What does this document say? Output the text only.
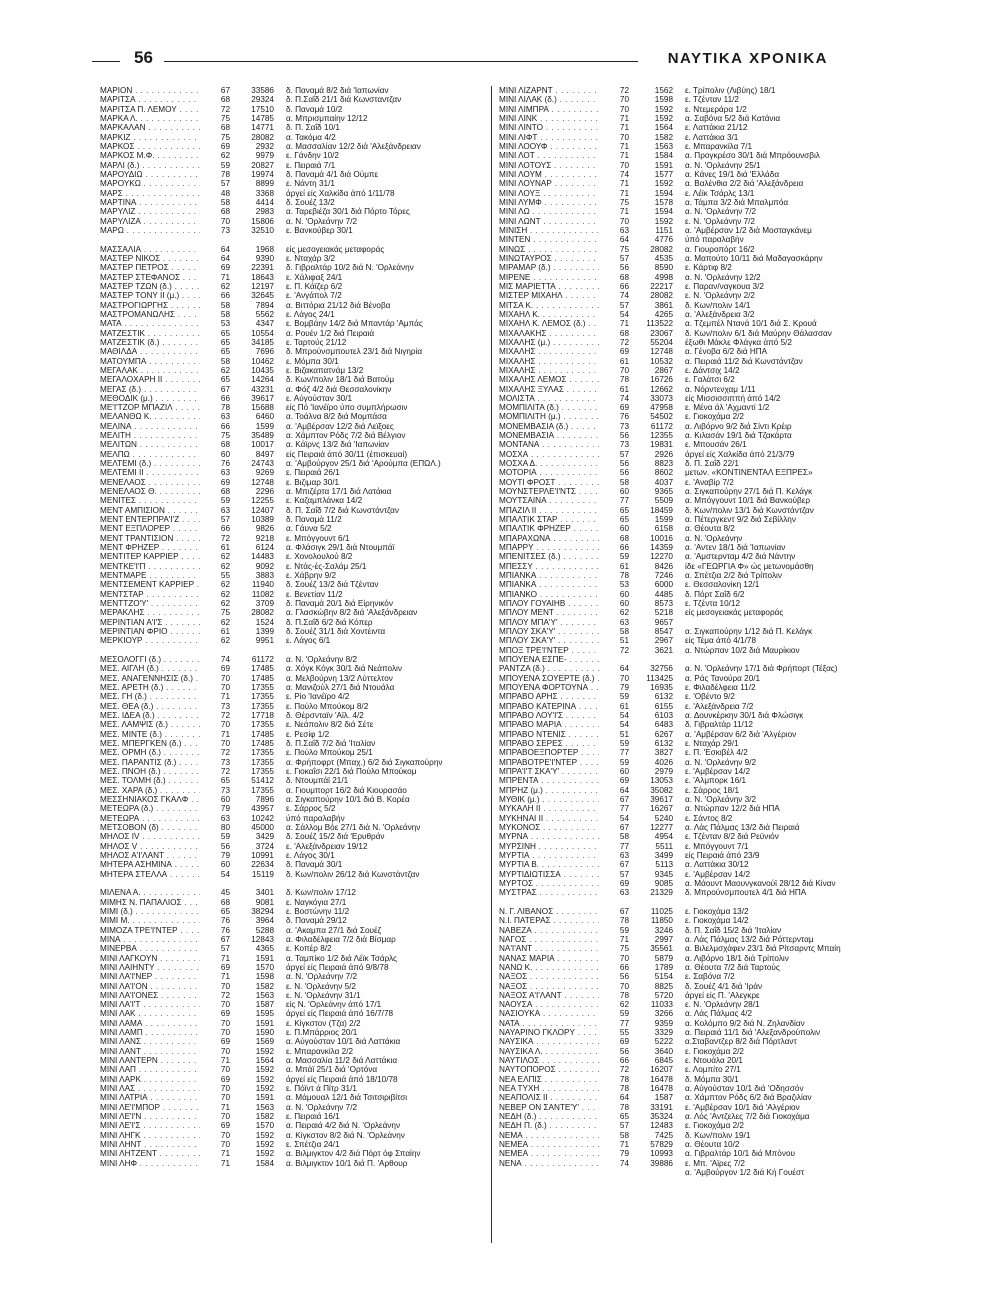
56	ΝΑΥΤΙΚΑ ΧΡΟΝΙΚΑ
ΜΑΡΙΟΝ . . .	67	33586 δ. Παναμά 8/2 διά 'Ιαπωνίαν
ΜΑΡΙΤΣΑ . . .	68	29324 δ. Π.Σαΐδ 21/1 διά Κωνσταντζαν
ΜΑΡΙΤΣΑ Π. ΛΕΜΟΥ . . .	72	17510 δ. Παναμά 10/2
ΜΑΡΚΑ Λ. . . .	75	14785 α. Μπρισμπαίην 12/12
ΜΑΡΚΑΛΑΝ . . .	68	14771 δ. Π. Σαΐδ 10/1
ΜΑΡΚΙΖ . . .	75	28082 α. Τακόμα 4/2
ΜΑΡΚΟΣ . . .	69	2932 α. Μασσαλίαν 12/2 διά 'Αλεξάνδρειαν
ΜΑΡΚΟΣ Μ.Φ. . . .	62	9979 ε. Γάνδην 10/2
ΜΑΡΛΙ (δ.) . . .	59	20827 ε. Πειραιά 7/1
ΜΑΡΟΥΔΙΩ . . .	78	19974 δ. Παναμά 4/1 διά Ούμπε
ΜΑΡΟΥΚΩ . . .	57	8899 ε. Νάντη 31/1
ΜΑΡΣ . . .	48	3368 άργεί είς Χαλκίδα άπό 1/11/78
ΜΑΡΤΙΝΑ . . .	58	4414 δ. Σουέζ 13/2
ΜΑΡΥΛΙΖ . . .	68	2983 α. Ταρεβιέζα 30/1 διά Πόρτο Τόρες
ΜΑΡΥΛΙΖΑ . . .	70	15806 α. Ν. 'Ορλεάνην 7/2
ΜΑΡΩ . . .	73	32510 ε. Βανκούβερ 30/1
ΜΑΣΣΑΛΙΑ . . .	64	1968 είς μεσογειακάς μεταφοράς
ΜΑΣΤΕΡ ΝΙΚΟΣ . . .	64	9390 ε. Νταχάρ 3/2
ΜΑΣΤΕΡ ΠΕΤΡΟΣ . . .	69	22391 δ. Γιβραλτάρ 10/2 διά Ν. 'Ορλεάνην
ΜΑΣΤΕΡ ΣΤΕΦΑΝΟΣ . . .	71	18643 ε. Χάλιφαξ 24/1
ΜΑΣΤΕΡ ΤΖΩΝ (δ.) . . .	62	12197 ε. Π. Κάϊζερ 6/2
ΜΑΣΤΕΡ ΤΟΝΥ ΙΙ (μ.) . . .	66	32645 ε. 'Ανγάπολ 7/2
ΜΑΣΤΡΟΓΙΩΡΓΗΣ . . .	58	7894 α. Βιττόρια 21/12 διά Βένοβα
ΜΑΣΤΡΟΜΑΝΩΛΗΣ . . .	58	5562 ε. Λάγος 24/1
ΜΑΤΑ . . .	53	4347 ε. Βομβάην 14/2 διά Μπαντάρ 'Αμπάς
ΜΑΤΖΕΣΤΙΚ . . .	65	10554 α. Ρουέν 1/2 διά Πειραιά
ΜΑΤΖΕΣΤΙΚ (δ.) . . .	65	34185 ε. Ταρτούς 21/12
ΜΑΘΙΛΔΑ . . .	65	7696 δ. Μπρούνσμπουτελ 23/1 διά Νιγηρία
ΜΑΤΟΥΜΠΑ . . .	58	10462 ε. Μόμπα 30/1
ΜΕΓΑΛΑΚ . . .	62	10435 ε. Βιζακαπατνάμ 13/2
ΜΕΓΑΛΟΧΑΡΗ ΙΙ . . .	65	14264 δ. Κων/πολιν 18/1 διά Βατούμ
ΜΕΓΑΣ (δ.) . . .	67	43231 α. Φόζ 4/2 διά Θεσσαλονίκην
ΜΕΘΟΔΙΚ (μ.) . . .	66	39617 ε. Αύγούσταν 30/1
ΜΕ'Ι'ΤΖΟΡ ΜΠΑΖΙΛ . . .	78	15688 είς Πό 'Ιανέϊρο ύπο συμπλήρωσιν
ΜΕΛΑΝΘΩ Κ. . . .	63	6460 α. Τοάλνα 8/2 διά Μομπάσα
ΜΕΛΙΝΑ . . .	66	1599 α. 'Αμβέρσαν 12/2 διά Λεϊξοες
ΜΕΛΙΤΗ . . .	75	35489 α. Χάμπτον Ρόδς 7/2 διά Βέλγιον
ΜΕΛΙΤΩΝ . . .	68	10017 α. Κάϊρνς 13/2 διά 'Ιαπωνίαν
ΜΕΛΠΩ . . .	60	8497 είς Πειραιά άπό 30/11 (έπισκευαί)
ΜΕΛΤΕΜΙ (δ.) . . .	76	24743 α. 'Αμβούργον 25/1 διά 'Αρούμπα (ΕΠΩΛ.)
ΜΕΛΤΕΜΙ ΙΙ . . .	63	9269 ε. Πειραιά 26/1
ΜΕΝΕΛΑΟΣ . . .	69	12748 ε. Βιζιμαρ 30/1
ΜΕΝΕΛΑΟΣ Θ. . . .	68	2296 α. Μπιζέρτα 17/1 διά Λατάκια
ΜΕΝΙΤΕΣ . . .	59	12255 ε. Καζαμπλάνκα 14/2
ΜΕΝΤ ΑΜΠΙΣΙΟΝ . . .	63	12407 δ. Π. Σαΐδ 7/2 διά Κωνστάντζαν
ΜΕΝΤ ΕΝΤΕΡΠΡΑ'Ι'Ζ . . .	57	10389 δ. Παναμά 11/2
ΜΕΝΤ ΕΞΠΛΟΡΕΡ . . .	66	9826 α. Γάυνα 5/2
ΜΕΝΤ ΤΡΑΝΤΙΣΙΟΝ . . .	72	9218 ε. Μπόγγουντ 6/1
ΜΕΝΤ ΦΡΗΖΕΡ . . .	61	6124 α. Φλάσιγκ 29/1 διά Ντουμπάϊ
ΜΕΝΤΙΤΕΡ ΚΑΡΡΙΕΡ . . .	62	14483 ε. Χονολουλού 8/2
ΜΕΝΤΚΕ'Ι'Π . . .	62	9092 ε. Ντάς-ές-Σαλάμ 25/1
ΜΕΝΤΜΑΡΕ . . .	55	3883 ε. Χάβρην 9/2
ΜΕΝΤΣΕΜΕΝΤ ΚΑΡΡΙΕΡ . . .	62	11940 δ. Σουέζ 13/2 διά Τζένταν
ΜΕΝΤΣΤΑΡ . . .	62	11082 ε. Βενετίαν 11/2
ΜΕΝΤΤΖΟ'Υ' . . .	62	3709 δ. Παναμά 20/1 διά Είρηνικόν
ΜΕΡΑΚΛΗΣ . . .	75	28082 α. Γλασκώβην 8/2 διά 'Αλεξάνδρειαν
ΜΕΡΙΝΤΙΑΝ Α'Ι'Σ . . .	62	1524 δ. Π.Σαΐδ 6/2 διά Κόπερ
ΜΕΡΙΝΤΙΑΝ ΦΡΙΟ . . .	61	1399 δ. Σουέζ 31/1 διά Χοντέιντα
ΜΕΡΚΙΟΥΡ . . .	62	9951 ε. Λάγος 6/1
ΜΕΣΟΛΟΓΓΙ (δ.) . . .	74	61172 α. Ν. 'Ορλεάνην 8/2
ΜΕΣ. ΑΙΓΛΗ (δ.) . . .	69	17485 α. Χόγκ Κόγκ 30/1 διά Νεάπολιν
ΜΕΣ. ΑΝΑΓΕΝΝΗΣΙΣ (δ.) . . .	70	17485 α. Μελβούρνη 13/2 Λύττελτον
ΜΕΣ. ΑΡΕΤΗ (δ.) . . .	70	17355 α. Μανιζούλ 27/1 διά Ντουάλα
ΜΕΣ. ΓΗ (δ.) . . .	71	17355 ε. Ρίο 'Ιανέϊρο 4/2
ΜΕΣ. ΘΕΑ (δ.) . . .	73	17355 ε. Πούλο Μπούκομ 8/2
ΜΕΣ. ΙΔΕΑ (δ.) . . .	72	17718 δ. Θέρσνταϊν 'Αϊλ. 4/2
ΜΕΣ. ΛΑΜΨΙΣ (δ.) . . .	70	17355 ε. Νεάπολιν 8/2 διά Σέτε
ΜΕΣ. ΜΙΝΤΕ (δ.) . . .	71	17485 ε. Ρεσίφ 1/2
ΜΕΣ. ΜΠΕΡΓΚΕΝ (δ.) . . .	70	17485 δ. Π.Σαΐδ 7/2 διά 'Ιταλίαν
ΜΕΣ. ΟΡΜΗ (δ.) . . .	72	17355 ε. Πούλο Μπούκομ 25/1
ΜΕΣ. ΠΑΡΑΝΤΙΣ (δ.) . . .	73	17355 α. Φρήποφρτ (Μπαχ.) 6/2 διά Σιγκαπούρην
ΜΕΣ. ΠΝΟΗ (δ.) . . .	72	17355 ε. Γιοκαΐσι 22/1 διά Πούλο Μπούκομ
ΜΕΣ. ΤΟΛΜΗ (δ.) . . .	65	51412 δ. Ντουμπάϊ 21/1
ΜΕΣ. ΧΑΡΑ (δ.) . . .	73	17355 α. Γιουμπορτ 16/2 διά Κιουρασάο
ΜΕΣΣΗΝΙΑΚΟΣ ΓΚΑΛΦ . . .	60	7896 α. Σιγκαπούρην 10/1 διά Β. Κορέα
ΜΕΤΕΩΡΑ (δ.) . . .	79	43957 ε. Σάρρος 5/2
ΜΕΤΕΩΡΑ . . .	63	10242 ύπό παραλαβήν
ΜΕΤΣΟΒΟΝ (δ) . . .	80	45000 α. Σάλλομ Βόε 27/1 διά Ν. 'Ορλεάνην
ΜΗΛΟΣ IV . . .	59	3429 δ. Σουέζ 15/2 διά 'Ερυθράν
ΜΗΛΟΣ V . . .	56	3724 ε. 'Αλεξάνδρειαν 19/12
ΜΗΛΟΣ Α'Ι'ΛΑΝΤ . . .	79	10991 ε. Λάγος 30/1
ΜΗΤΕΡΑ ΑΣΗΜΙΝΑ . . .	60	22634 δ. Παναμά 30/1
ΜΗΤΕΡΑ ΣΤΕΛΛΑ . . .	54	15119 δ. Κων/πολιν 26/12 διά Κωνστάντζαν
ΜΙΛΕΝΑ Α. . . .	45	3401 δ. Κων/πολιν 17/12
ΜΙΜΗΣ Ν. ΠΑΠΑΛΙΟΣ . . .	68	9081 ε. Ναγκόγια 27/1
ΜΙΜΙ (δ.) . . .	65	38294 ε. Βοστώνην 11/2
ΜΙΜΙ Μ. . . .	76	3964 δ. Παναμά 29/12
ΜΙΜΟΖΑ ΤΡΕ'Ι'ΝΤΕΡ . . .	76	5288 α. 'Ακαμπα 27/1 διά Σουέζ
ΜΙΝΑ . . .	67	12843 α. Φιλαδέλφεια 7/2 διά Βίσμαρ
ΜΙΝΕΡΒΑ . . .	57	4365 ε. Κοπέρ 8/2
ΜΙΝΙ ΛΑΓΚΟΥΝ . . .	71	1591 α. Ταμπίκο 1/2 διά Λέϊκ Τσάρλς
ΜΙΝΙ ΛΑΙΗΝΤΥ . . .	69	1570 άργεί είς Πειραιά άπό 9/8/78
ΜΙΝΙ ΛΑ'Ι'ΝΕΡ . . .	71	1598 α. Ν. 'Ορλεάνην 7/2
ΜΙΝΙ ΛΑ'Ι'ΟΝ . . .	70	1582 ε. Ν. 'Ορλεάνην 5/2
ΜΙΝΙ ΛΑ'Ι'ΟΝΕΣ . . .	72	1563 ε. Ν. 'Ορλεάνην 31/1
ΜΙΝΙ ΛΑ'Ι'Τ . . .	70	1587 είς Ν. 'Ορλεάνην άπό 17/1
ΜΙΝΙ ΛΑΚ . . .	69	1595 άργεί είς Πειραιά άπό 16/7/78
ΜΙΝΙ ΛΑΜΑ . . .	70	1591 ε. Κίγκστον (Τζα) 2/2
ΜΙΝΙ ΛΑΜΠ . . .	70	1590 ε. Π.Μπάρριος 20/1
ΜΙΝΙ ΛΑΝΣ . . .	69	1569 α. Αύγούσταν 10/1 διά Λαττάκια
ΜΙΝΙ ΛΑΝΤ . . .	70	1592 ε. Μπαρανκίλα 2/2
ΜΙΝΙ ΛΑΝΤΕΡΝ . . .	71	1564 α. Μασσαλία 11/2 διά Λαττάκια
ΜΙΝΙ ΛΑΠ . . .	70	1592 α. Μπάϊ 25/1 διά 'Ορτόνα
ΜΙΝΙ ΛΑΡΚ . . .	69	1592 άργεί είς Πειραιά άπό 18/10/78
ΜΙΝΙ ΛΑΣ . . .	70	1592 ε. Πόϊντ ά Πίτρ 31/1
ΜΙΝΙ ΛΑΤΡΙΑ . . .	70	1591 α. Μάμουαλ 12/1 διά Τσιτσιριβίτσι
ΜΙΝΙ ΛΕ'Ι'ΜΠΟΡ . . .	71	1563 α. Ν. 'Ορλεάνην 7/2
ΜΙΝΙ ΛΕ'Ι'Ν . . .	70	1582 ε. Πειραιά 16/1
ΜΙΝΙ ΛΕ'Ι'Σ . . .	69	1570 α. Πειραιά 4/2 διά Ν. 'Ορλεάνην
ΜΙΝΙ ΛΗΓΚ . . .	70	1592 α. Κίγκστον 8/2 διά Ν. 'Ορλεάνην
ΜΙΝΙ ΛΗΝΤ . . .	70	1592 ε. Σπέτζια 24/1
ΜΙΝΙ ΛΗΤΖΕΝΤ . . .	71	1592 α. Βιλμιγκτον 4/2 διά Πόρτ όφ Σπαίην
ΜΙΝΙ ΛΗΦ . . .	71	1584 α. Βιλμιγκτον 10/1 διά Π. 'Αρθουρ
ΜΙΝΙ ΛΙΖΑΡΝΤ . . .	72	1562 ε. Τρίπολιν (Λιβύης) 18/1
ΜΙΝΙ ΛΙΛΑΚ (δ.) . . .	70	1598 ε. Τζένταν 11/2
ΜΙΝΙ ΛΙΜΠΡΑ . . .	70	1592 ε. Ντεμεράρα 1/2
ΜΙΝΙ ΛΙΝΚ . . .	71	1592 α. Σαβόνα 5/2 διά Κατάνια
ΜΙΝΙ ΛΙΝΤΟ . . .	71	1564 ε. Λαττάκια 21/12
ΜΙΝΙ ΛΙΦΤ . . .	70	1582 ε. Λαττάκια 3/1
ΜΙΝΙ ΛΟΟΥΦ . . .	71	1563 ε. Μπαρανκίλα 7/1
ΜΙΝΙ ΛΟΤ . . .	71	1584 α. Προγκρέσο 30/1 διά Μπρόουνσβιλ
ΜΙΝΙ ΛΟΤΟΥΣ . . .	70	1591 α. Ν. 'Ορλεάνην 25/1
ΜΙΝΙ ΛΟΥΜ . . .	74	1577 α. Κάνες 19/1 διά 'Ελλάδα
ΜΙΝΙ ΛΟΥΝΑΡ . . .	71	1592 α. Βαλένθια 2/2 διά 'Αλεξάνδρεια
ΜΙΝΙ ΛΟΥΞ . . .	71	1594 ε. Λέϊκ Τσάρλς 13/1
ΜΙΝΙ ΛΥΜΦ . . .	75	1578 α. Τάμπα 3/2 διά Μπαλμπόα
ΜΙΝΙ ΛΩ . . .	71	1594 α. Ν. 'Ορλεάνην 7/2
ΜΙΝΙ ΛΩΝΤ . . .	70	1592 ε. Ν. 'Ορλεάνην 7/2
ΜΙΝΙΣΗ . . .	63	1151 α. 'Αμβέρσαν 1/2 διά Μοσταγκάνεμ
ΜΙΝΤΕΝ . . .	64	4776 ύπό παραλαβήν
ΜΙΝΩΣ . . .	75	28082 α. Γιουροπόρτ 16/2
ΜΙΝΩΤΑΥΡΟΣ . . .	57	4535 α. Μαπούτο 10/11 διά Μαδαγασκάρην
ΜΙΡΑΜΑΡ (δ.) . . .	56	8590 ε. Κάρτιφ 8/2
ΜΙΡΕΝΕ . . .	68	4998 α. Ν. 'Ορλεάνην 12/2
ΜΙΣ ΜΑΡΙΕΤΤΑ . . .	66	22217 ε. Παραν/ναγκουα 3/2
ΜΙΣΤΕΡ ΜΙΧΑΗΛ . . .	74	28082 ε. Ν. 'Ορλεάνην 2/2
ΜΙΤΣΑ Κ. . . .	57	3861 δ. Κων/πολιν 14/1
ΜΙΧΑΗΛ Κ. . . .	54	4265 α. 'Αλεξάνδρεια 3/2
ΜΙΧΑΗΛ Κ. ΛΕΜΟΣ (δ.) . . .	71	113522 α. Τζεμπέλ Ντανά 10/1 διά Σ. Κρουά
ΜΙΧΑΛΑΚΗΣ . . .	68	23067 δ. Κων/πολιν 6/1 διά Μαύρην Θάλασσαν
ΜΙΧΑΛΗΣ (μ.) . . .	72	55204 έξωθι Μάκλε Φλάγκα άπό 5/2
ΜΙΧΑΛΗΣ . . .	69	12748 α. Γένοβα 6/2 διά ΗΠΑ
ΜΙΧΑΛΗΣ . . .	61	10532 α. Πειραιά 11/2 διά Κωνστάντζαν
ΜΙΧΑΛΗΣ . . .	70	2867 ε. Δάντσιχ 14/2
ΜΙΧΑΛΗΣ ΛΕΜΟΣ . . .	78	16726 ε. Γαλάτσι 6/2
ΜΙΧΑΛΗΣ ΞΥΛΑΣ . . .	61	12662 α. Νόρντενχαμ 1/11
ΜΟΛΙΣΤΑ . . .	74	33073 είς Μισσισσιππή άπό 14/2
ΜΟΜΠΙΛΙΤΑ (δ.) . . .	69	47958 ε. Μένα άλ 'Αχμαντί 1/2
ΜΟΜΠΙΛΙΤΗ (μ.) . . .	76	54502 ε. Γιοκοχάμα 2/2
ΜΟΝΕΜΒΑΣΙΑ (δ.) . . .	73	61172 α. Λιβόρνο 9/2 διά Σίντι Κρέιρ
ΜΟΝΕΜΒΑΣΙΑ . . .	56	12355 α. Κιλασάν 19/1 διά Τζακάρτα
ΜΟΝΤΑΝΑ . . .	73	19831 ε. Μπουσάν 26/1
ΜΟΣΧΑ . . .	57	2926 άργεί είς Χαλκίδα άπό 21/3/79
ΜΟΣΧΑ Δ. . . .	56	8823 δ. Π. Σαΐδ 22/1
ΜΟΤΟΡΙΑ . . .	56	8602 μετων. «ΚΟΝΤΙΝΕΝΤΑΛ ΕΞΠΡΕΣ»
ΜΟΥΤΙ ΦΡΟΣΤ . . .	58	4037 ε. 'Αναβίρ 7/2
ΜΟΥΝΣΤΕΡΛΕ'Ι'ΝΤΣ . . .	60	9365 α. Σιγκαπούρην 27/1 διά Π. Κελάγκ
ΜΟΥΤΣΑΙΝΑ . . .	77	5509 α. Μπόγγουντ 10/1 διά Βανκούβερ
ΜΠΑΖΙΛ ΙΙ . . .	65	18459 δ. Κων/πολιν 13/1 διά Κωνστάντζαν
ΜΠΑΛΤΙΚ ΣΤΑΡ . . .	65	1599 α. Πέτεργκεντ 9/2 διά Σεβίλλην
ΜΠΑΛΤΙΚ ΦΡΗΖΕΡ . . .	60	6158 α. Θέουτα 8/2
ΜΠΑΡΑΧΩΝΑ . . .	68	10016 α. Ν. 'Ορλεάνην
ΜΠΑΡΡΥ . . .	66	14359 α. 'Αντεν 18/1 διά 'Ιαπωνίαν
ΜΠΕΝΙΤΣΕΣ (δ.) . . .	59	12270 α. 'Αμστερνταμ 4/2 διά Νάντην
ΜΠΕΣΣΥ . . .	61	8426 ίδε «ΓΕΩΡΓΙΑ Φ» ώς μετωνομάσθη
ΜΠΙΑΝΚΑ . . .	78	7246 α. Σπέτζια 2/2 διά Τρίπολιν
ΜΠΙΑΝΚΑ . . .	53	6000 ε. Θεσσαλονίκη 12/1
ΜΠΙΑΝΚΟ . . .	60	4485 δ. Πόρτ Σαΐδ 6/2
ΜΠΛΟΥ ΓΟΥΑΙΗΒ . . .	60	8573 ε. Τζέντα 10/12
ΜΠΛΟΥ ΜΕΝΤ . . .	62	5218 είς μεσογειακάς μεταφοράς
ΜΠΛΟΥ ΜΠΑ'Υ' . . .	63	9657
ΜΠΛΟΥ ΣΚΑ'Υ' . . .	58	8547 α. Σιγκαπούρην 1/12 διά Π. Κελάγκ
ΜΠΛΟΥ ΣΚΑ'Υ' . . .	51	2967 είς Τέμα άπό 4/1/78
ΜΠΟΞ ΤΡΕ'Ι'ΝΤΕΡ . . .	72	3621 α. Ντώρπαν 10/2 διά Μαυρίκιον
ΜΠΟΥΕΝΑ ΕΣΠΕ- . . .
ΡΑΝΤΖΑ (δ.) . . .	64	32756 α. Ν. 'Ορλεάνην 17/1 διά Φρήπορτ (Τέξας)
ΜΠΟΥΕΝΑ ΣΟΥΕΡΤΕ (δ.) . . .	70	113425 α. Ράς Τανούρα 20/1
ΜΠΟΥΕΝΑ ΦΟΡΤΟΥΝΑ . . .	79	16935 ε. Φιλαδέλφεια 11/2
ΜΠΡΑΒΟ ΑΡΗΣ . . .	59	6132 ε. 'Οβέντο 9/2
ΜΠΡΑΒΟ ΚΑΤΕΡΙΝΑ . . .	61	6155 ε. 'Αλεξάνδρεια 7/2
ΜΠΡΑΒΟ ΛΟΥ'Ι'Σ . . .	54	6103 α. Δουνκέρκην 30/1 διά Φλώσιγκ
ΜΠΡΑΒΟ ΜΑΡΙΑ . . .	54	6483 δ. Γιβραλτάρ 11/12
ΜΠΡΑΒΟ ΝΤΕΝΙΣ . . .	51	6267 α. 'Αμβέρσαν 6/2 διά 'Αλγέριον
ΜΠΡΑΒΟ ΣΕΡΕΣ . . .	59	6132 ε. Νταχάρ 29/1
ΜΠΡΑΒΟΕΞΠΟΡΤΕΡ . . .	77	3827 ε. Π. 'Εσκιβέλ 4/2
ΜΠΡΑΒΟΤΡΕ'Ι'ΝΤΕΡ . . .	59	4026 α. Ν. 'Ορλεάνην 9/2
ΜΠΡΑ'Ι'Τ ΣΚΑ'Υ' . . .	60	2979 ε. 'Αμβέρσαν 14/2
ΜΠΡΕΝΤΑ . . .	69	13053 ε. 'Αλμπορκ 16/1
ΜΠΡΗΖ (μ.) . . .	64	35082 ε. Σάρρος 18/1
ΜΥΘΙΚ (μ.) . . .	67	39617 α. Ν. 'Ορλεάνην 3/2
ΜΥΚΑΛΗ ΙΙ . . .	77	16267 α. Ντώρπαν 12/2 διά ΗΠΑ
ΜΥΚΗΝΑΙ ΙΙ . . .	54	5240 ε. Σάντος 8/2
ΜΥΚΟΝΟΣ . . .	67	12277 α. Λάς Πάλμας 13/2 διά Πειραιά
ΜΥΡΝΑ . . .	58	4954 ε. Τζένταν 8/2 διά Ρεϋνιόν
ΜΥΡΣΙΝΗ . . .	77	5511 ε. Μπόγγουντ 7/1
ΜΥΡΤΙΑ . . .	63	3499 είς Πειραιά άπό 23/9
ΜΥΡΤΙΑ Β. . . .	67	5113 α. Λαττάκια 30/12
ΜΥΡΤΙΔΙΩΤΙΣΣΑ . . .	57	9345 ε. 'Αμβέρσαν 14/2
ΜΥΡΤΟΣ . . .	69	9085 α. Μάουντ Μαουνγκανούϊ 28/12 διά Κίναν
ΜΥΣΤΡΑΣ . . .	63	21329 δ. Μπρούνσμπουτελ 4/1 διά ΗΠΑ
Ν. Γ. ΛΙΒΑΝΟΣ . . .	67	11025 ε. Γιοκοχάμα 13/2
Ν.Ι. ΠΑΤΕΡΑΣ . . .	78	11850 ε. Γιοκοχάμα 14/2
ΝΑΒΕΖΑ . . .	59	3246 δ. Π. Σαΐδ 15/2 διά 'Ιταλίαν
ΝΑΓΟΣ . . .	71	2997 α. Λάς Πάλμας 13/2 διά Ρόττερνταμ
ΝΑ'Ι'ΑΝΤ . . .	75	35561 α. Βιλελμσχάφεν 23/1 διά Ρίτσαρντς Μπαίη
ΝΑΝΑΣ ΜΑΡΙΑ . . .	70	5879 α. Λιβόρνο 18/1 διά Τρίπολιν
ΝΑΝΩ Κ. . . .	66	1789 α. Θέουτα 7/2 διά Ταρτούς
ΝΑΞΟΣ . . .	56	5154 ε. Σαβόνα 7/2
ΝΑΞΟΣ . . .	70	8825 δ. Σουέζ 4/1 διά 'Ιράν
ΝΑΞΟΣ Α'Ι'ΛΑΝΤ . . .	78	5720 άργεί είς Π. 'Αλεγκρε
ΝΑΟΥΣΑ . . .	62	11033 ε. Ν. 'Ορλεάνην 28/1
ΝΑΣΙΟΥΚΑ . . .	59	3266 α. Λάς Πάλμας 4/2
ΝΑΤΑ . . .	77	9359 α. Κολόμπο 9/2 διά Ν. Ζηλανδίαν
ΝΑΥΑΡΙΝΟ ΓΚΛΟΡΥ . . .	55	3329 α. Πειραιά 11/1 διά 'Αλεξανδρούπολιν
ΝΑΥΣΙΚΑ . . .	69	5222 α.Σταβαντζερ 8/2 διά Πόρτλαντ
ΝΑΥΣΙΚΑ Λ. . . .	56	3640 ε. Γιοκοχάμα 2/2
ΝΑΥΤΙΛΟΣ . . .	66	6845 ε. Ντουάλα 20/1
ΝΑΥΤΟΠΟΡΟΣ . . .	72	16207 ε. Λομπίτο 27/1
ΝΕΑ ΕΛΠΙΣ . . .	78	16478 δ. Μόμπα 30/1
ΝΕΑ ΤΥΧΗ . . .	78	16478 α. Αύγούσταν 10/1 διά 'Οδησσόν
ΝΕΑΠΟΛΙΣ ΙΙ . . .	64	1587 α. Χάμπτον Ρόδς 6/2 διά Βραζιλίαν
ΝΕΒΕΡ ΟΝ ΣΑΝΤΕ'Υ' . . .	78	33191 ε. 'Αμβέρσαν 10/1 διά 'Αλγέριον
ΝΕΔΗ (δ.) . . .	65	35324 α. Λός 'Αντζελες 7/2 διά Γιοκοχάμα
ΝΕΔΗ Π. (δ.) . . .	57	12483 ε. Γιοκοχάμα 2/2
ΝΕΜΑ . . .	58	7425 δ. Κων/πολιν 19/1
ΝΕΜΕΑ . . .	71	57829 α. Θέουτα 10/2
ΝΕΜΕΑ . . .	79	10993 α. Γιβραλτάρ 10/1 διά Μπόνου
ΝΕΝΑ . . .	74	39886 ε. Μπ. 'Αϊρες 7/2
α. 'Αμβούργον 1/2 διά Κή Γουέστ
